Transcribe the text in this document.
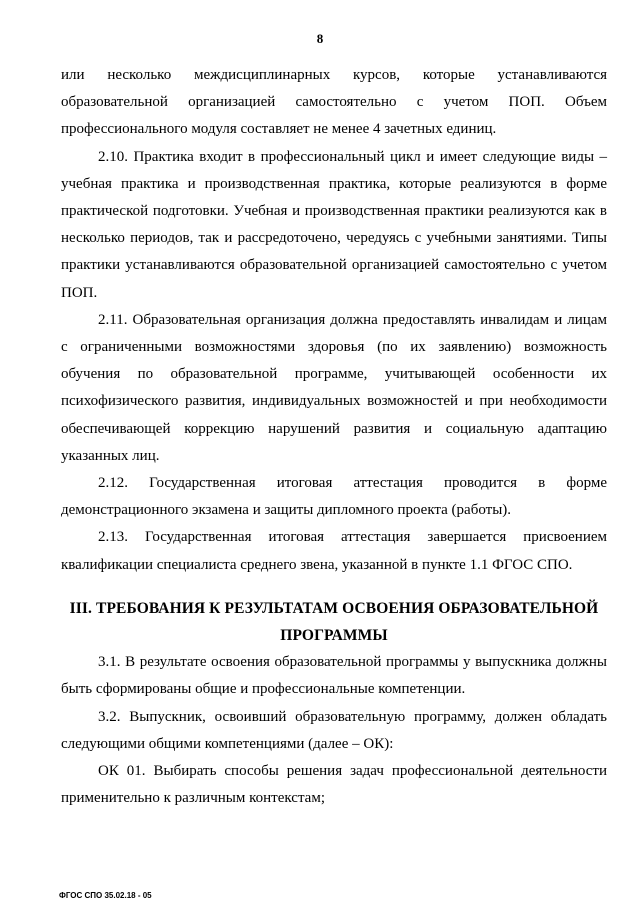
8

или несколько междисциплинарных курсов, которые устанавливаются образовательной организацией самостоятельно с учетом ПОП. Объем профессионального модуля составляет не менее 4 зачетных единиц.

2.10. Практика входит в профессиональный цикл и имеет следующие виды – учебная практика и производственная практика, которые реализуются в форме практической подготовки. Учебная и производственная практики реализуются как в несколько периодов, так и рассредоточено, чередуясь с учебными занятиями. Типы практики устанавливаются образовательной организацией самостоятельно с учетом ПОП.

2.11. Образовательная организация должна предоставлять инвалидам и лицам с ограниченными возможностями здоровья (по их заявлению) возможность обучения по образовательной программе, учитывающей особенности их психофизического развития, индивидуальных возможностей и при необходимости обеспечивающей коррекцию нарушений развития и социальную адаптацию указанных лиц.

2.12. Государственная итоговая аттестация проводится в форме демонстрационного экзамена и защиты дипломного проекта (работы).

2.13. Государственная итоговая аттестация завершается присвоением квалификации специалиста среднего звена, указанной в пункте 1.1 ФГОС СПО.

III. ТРЕБОВАНИЯ К РЕЗУЛЬТАТАМ ОСВОЕНИЯ ОБРАЗОВАТЕЛЬНОЙ ПРОГРАММЫ

3.1. В результате освоения образовательной программы у выпускника должны быть сформированы общие и профессиональные компетенции.

3.2. Выпускник, освоивший образовательную программу, должен обладать следующими общими компетенциями (далее – ОК):

ОК 01. Выбирать способы решения задач профессиональной деятельности применительно к различным контекстам;

ФГОС СПО 35.02.18 - 05
